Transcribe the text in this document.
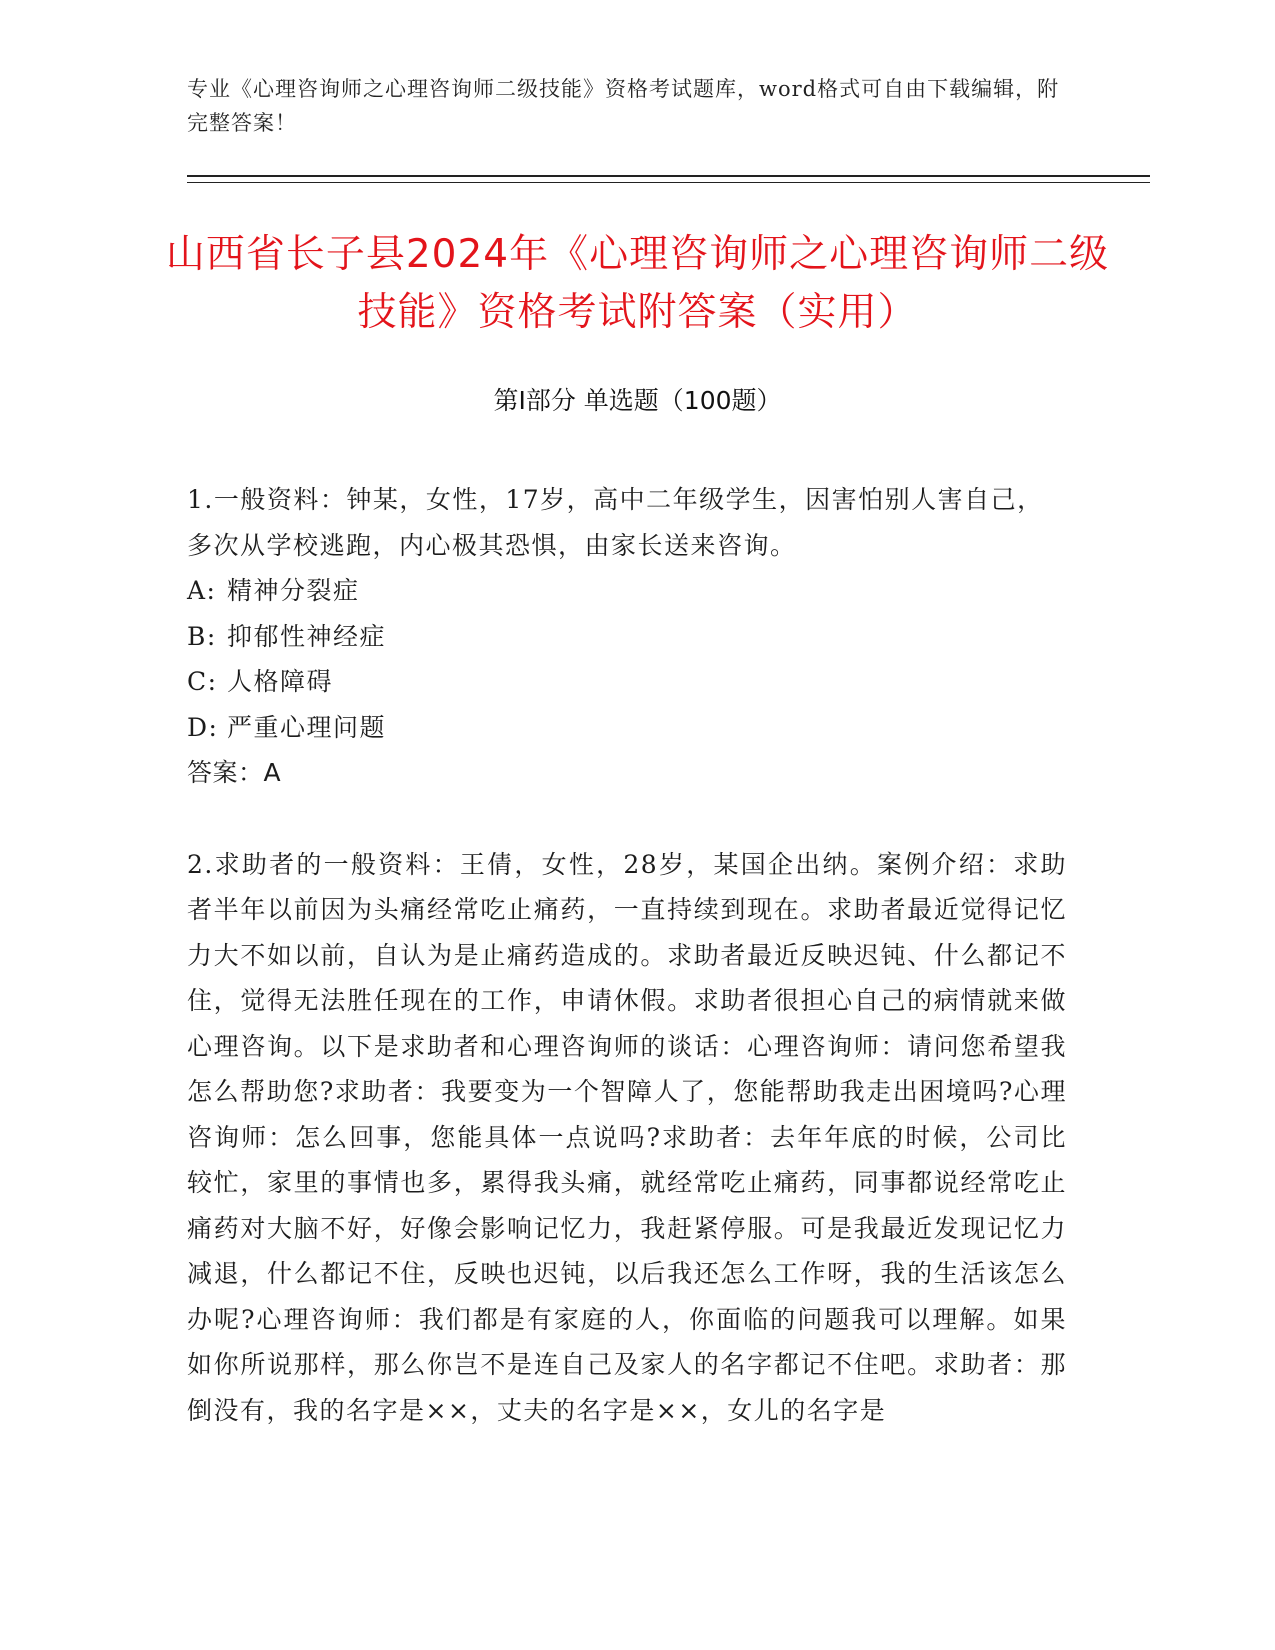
专业《心理咨询师之心理咨询师二级技能》资格考试题库，word格式可自由下载编辑，附完整答案！
山西省长子县2024年《心理咨询师之心理咨询师二级技能》资格考试附答案（实用）
第Ⅰ部分 单选题（100题）

1.一般资料：钟某，女性，17岁，高中二年级学生，因害怕别人害自己，多次从学校逃跑，内心极其恐惧，由家长送来咨询。

A: 精神分裂症

B: 抑郁性神经症

C: 人格障碍

D: 严重心理问题

答案：A

2.求助者的一般资料：王倩，女性，28岁，某国企出纳。案例介绍：求助者半年以前因为头痛经常吃止痛药，一直持续到现在。求助者最近觉得记忆力大不如以前，自认为是止痛药造成的。求助者最近反映迟钝、什么都记不住，觉得无法胜任现在的工作，申请休假。求助者很担心自己的病情就来做心理咨询。以下是求助者和心理咨询师的谈话：心理咨询师：请问您希望我怎么帮助您?求助者：我要变为一个智障人了，您能帮助我走出困境吗?心理咨询师：怎么回事，您能具体一点说吗?求助者：去年年底的时候，公司比较忙，家里的事情也多，累得我头痛，就经常吃止痛药，同事都说经常吃止痛药对大脑不好，好像会影响记忆力，我赶紧停服。可是我最近发现记忆力减退，什么都记不住，反映也迟钝，以后我还怎么工作呀，我的生活该怎么办呢?心理咨询师：我们都是有家庭的人，你面临的问题我可以理解。如果如你所说那样，那么你岂不是连自己及家人的名字都记不住吧。求助者：那倒没有，我的名字是××，丈夫的名字是××，女儿的名字是
